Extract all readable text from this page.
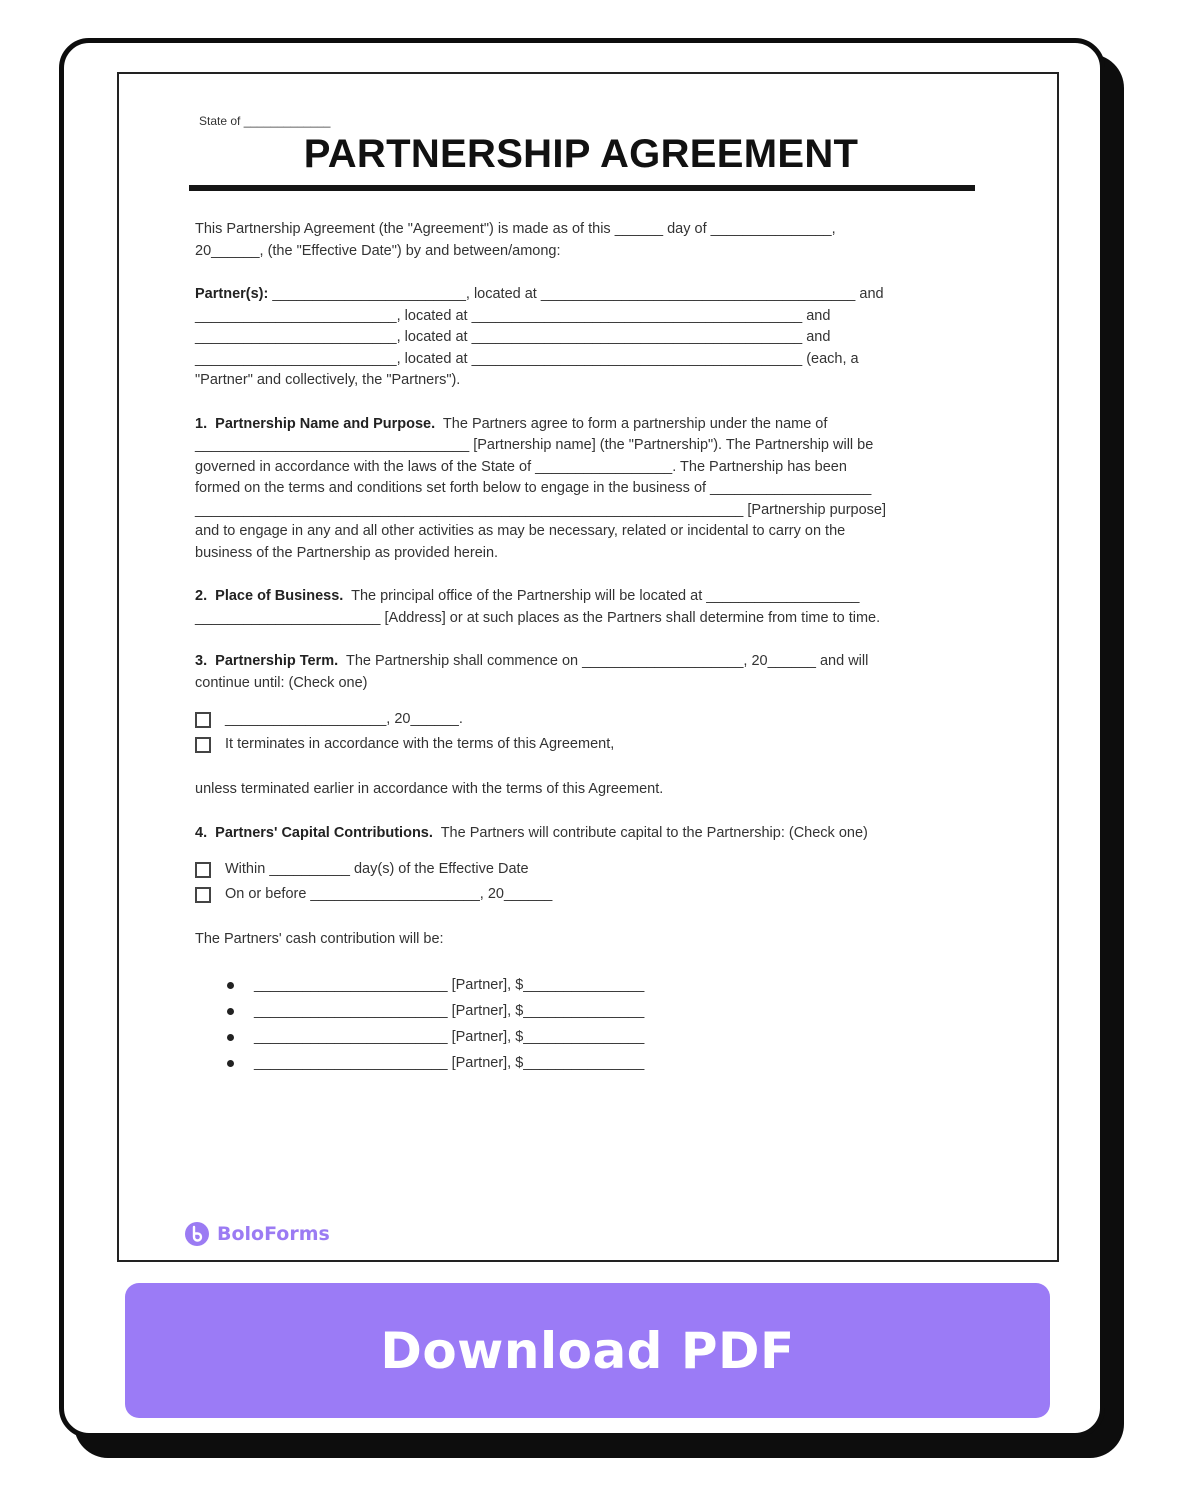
State of _____________
PARTNERSHIP AGREEMENT

This Partnership Agreement (the "Agreement") is made as of this ______ day of _______________,
20______, (the "Effective Date") by and between/among:

Partner(s): ________________________, located at _______________________________________ and
_________________________, located at _________________________________________ and
_________________________, located at _________________________________________ and
_________________________, located at _________________________________________ (each, a
"Partner" and collectively, the "Partners").

1.  Partnership Name and Purpose.  The Partners agree to form a partnership under the name of
__________________________________ [Partnership name] (the "Partnership"). The Partnership will be
governed in accordance with the laws of the State of _________________. The Partnership has been
formed on the terms and conditions set forth below to engage in the business of ____________________
____________________________________________________________________ [Partnership purpose]
and to engage in any and all other activities as may be necessary, related or incidental to carry on the
business of the Partnership as provided herein.

2.  Place of Business.  The principal office of the Partnership will be located at ___________________
_______________________ [Address] or at such places as the Partners shall determine from time to time.

3.  Partnership Term.  The Partnership shall commence on ____________________, 20______ and will
continue until: (Check one)

____________________, 20______.
It terminates in accordance with the terms of this Agreement,

unless terminated earlier in accordance with the terms of this Agreement.

4.  Partners' Capital Contributions.  The Partners will contribute capital to the Partnership: (Check one)

Within __________ day(s) of the Effective Date
On or before _____________________, 20______

The Partners' cash contribution will be:

________________________ [Partner], $_______________
________________________ [Partner], $_______________
________________________ [Partner], $_______________
________________________ [Partner], $_______________
BoloForms
Download PDF
